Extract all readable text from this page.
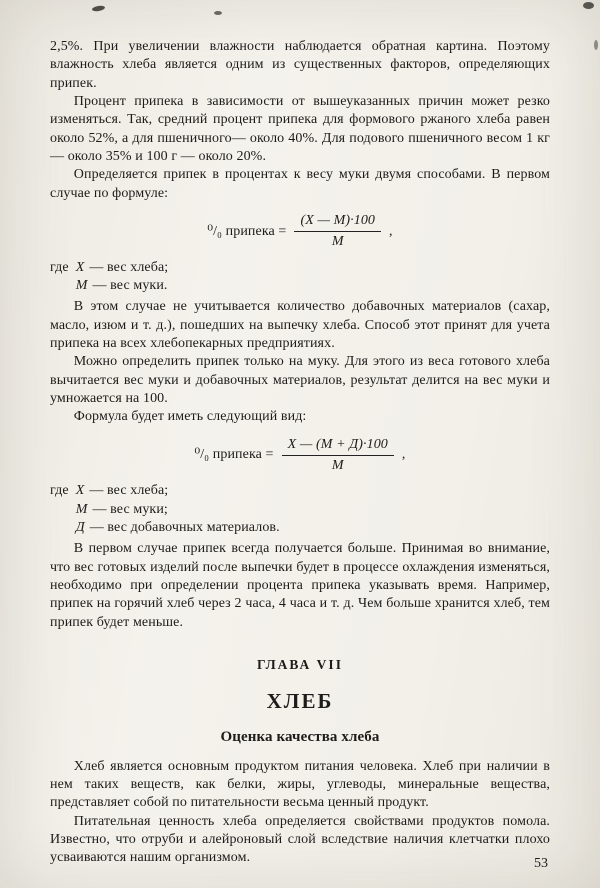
2,5%. При увеличении влажности наблюдается обратная картина. Поэтому влажность хлеба является одним из существенных факторов, определяющих припек.

Процент припека в зависимости от вышеуказанных причин может резко изменяться. Так, средний процент припека для формового ржаного хлеба равен около 52%, а для пшеничного— около 40%. Для подового пшеничного весом 1 кг — около 35% и 100 г — около 20%.

Определяется припек в процентах к весу муки двумя способами. В первом случае по формуле:

⁰/₀ припека = $\frac{(X — М)\cdot 100}{М}$ ,
где X — вес хлеба;
М — вес муки.

В этом случае не учитывается количество добавочных материалов (сахар, масло, изюм и т. д.), пошедших на выпечку хлеба. Способ этот принят для учета припека на всех хлебопекарных предприятиях.

Можно определить припек только на муку. Для этого из веса готового хлеба вычитается вес муки и добавочных материалов, результат делится на вес муки и умножается на 100.

Формула будет иметь следующий вид:

⁰/₀ припека = $\frac{X — (М + Д)\cdot 100}{М}$ ,
где X — вес хлеба;
М — вес муки;
Д — вес добавочных материалов.

В первом случае припек всегда получается больше. Принимая во внимание, что вес готовых изделий после выпечки будет в процессе охлаждения изменяться, необходимо при определении процента припека указывать время. Например, припек на горячий хлеб через 2 часа, 4 часа и т. д. Чем больше хранится хлеб, тем припек будет меньше.

ГЛАВА VII
ХЛЕБ
Оценка качества хлеба

Хлеб является основным продуктом питания человека. Хлеб при наличии в нем таких веществ, как белки, жиры, углеводы, минеральные вещества, представляет собой по питательности весьма ценный продукт.

Питательная ценность хлеба определяется свойствами продуктов помола. Известно, что отруби и алейроновый слой вследствие наличия клетчатки плохо усваиваются нашим организмом.	53
